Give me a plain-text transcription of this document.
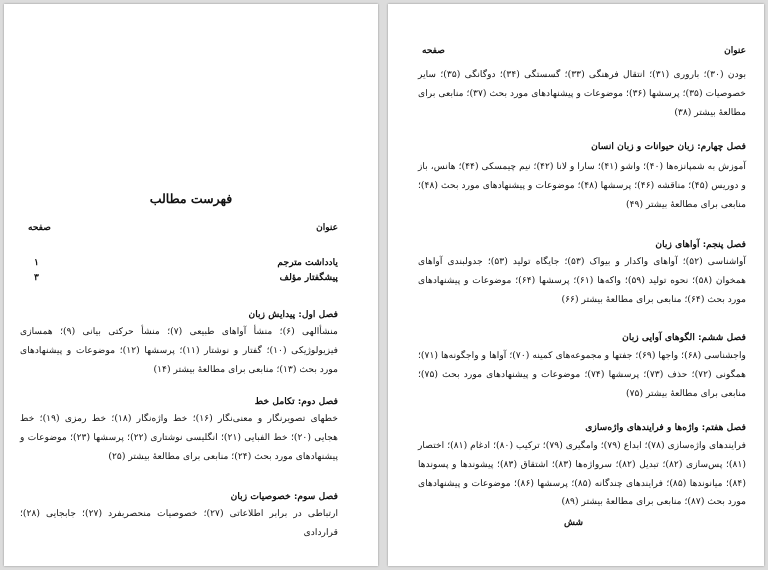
فهرست مطالب
عنوان
صفحه
یادداشت مترجم
۱
پیشگفتار مؤلف
۳
فصل اول: پیدایش زبان

منشأالهی (۶)؛ منشأ آواهای طبیعی (۷)؛ منشأ حرکتی بیانی (۹)؛ همسازی فیزیولوژیکی (۱۰)؛ گفتار و نوشتار (۱۱)؛ پرسشها (۱۲)؛ موضوعات و پیشنهادهای مورد بحث (۱۳)؛ منابعی برای مطالعهٔ بیشتر (۱۴)

فصل دوم: تکامل خط

خطهای تصویرنگار و معنی‌نگار (۱۶)؛ خط واژه‌نگار (۱۸)؛ خط رمزی (۱۹)؛ خط هجایی (۲۰)؛ خط الفبایی (۲۱)؛ انگلیسی نوشتاری (۲۲)؛ پرسشها (۲۳)؛ موضوعات و پیشنهادهای مورد بحث (۲۴)؛ منابعی برای مطالعهٔ بیشتر (۲۵)

فصل سوم: خصوصیات زبان

ارتباطی در برابر اطلاعاتی (۲۷)؛ خصوصیات منحصربفرد (۲۷)؛ جابجایی (۲۸)؛ قراردادی

عنوان
صفحه

بودن (۳۰)؛ باروری (۳۱)؛ انتقال فرهنگی (۳۳)؛ گسستگی (۳۴)؛ دوگانگی (۳۵)؛ سایر خصوصیات (۳۵)؛ پرسشها (۳۶)؛ موضوعات و پیشنهادهای مورد بحث (۳۷)؛ منابعی برای مطالعهٔ بیشتر (۳۸)

فصل چهارم: زبان حیوانات و زبان انسان

آموزش به شمپانزه‌ها (۴۰)؛ واشو (۴۱)؛ سارا و لانا (۴۲)؛ نیم چیمسکی (۴۴)؛ هانس، باز و دوریس (۴۵)؛ مناقشه (۴۶)؛ پرسشها (۴۸)؛ موضوعات و پیشنهادهای مورد بحث (۴۸)؛ منابعی برای مطالعهٔ بیشتر (۴۹)

فصل پنجم: آواهای زبان

آواشناسی (۵۲)؛ آواهای واکدار و بیواک (۵۳)؛ جایگاه تولید (۵۳)؛ جدولبندی آواهای همخوان (۵۸)؛ نحوه تولید (۵۹)؛ واکه‌ها (۶۱)؛ پرسشها (۶۴)؛ موضوعات و پیشنهادهای مورد بحث (۶۴)؛ منابعی برای مطالعهٔ بیشتر (۶۶)

فصل ششم: الگوهای آوایی زبان

واجشناسی (۶۸)؛ واجها (۶۹)؛ جفتها و مجموعه‌های کمینه (۷۰)؛ آواها و واجگونه‌ها (۷۱)؛ همگونی (۷۲)؛ حذف (۷۳)؛ پرسشها (۷۴)؛ موضوعات و پیشنهادهای مورد بحث (۷۵)؛ منابعی برای مطالعهٔ بیشتر (۷۵)

فصل هفتم: واژه‌ها و فرایندهای واژه‌سازی

فرایندهای واژه‌سازی (۷۸)؛ ابداع (۷۹)؛ وامگیری (۷۹)؛ ترکیب (۸۰)؛ ادغام (۸۱)؛ اختصار (۸۱)؛ پس‌سازی (۸۲)؛ تبدیل (۸۲)؛ سرواژه‌ها (۸۳)؛ اشتقاق (۸۳)؛ پیشوندها و پسوندها (۸۴)؛ میانوندها (۸۵)؛ فرایندهای چندگانه (۸۵)؛ پرسشها (۸۶)؛ موضوعات و پیشنهادهای مورد بحث (۸۷)؛ منابعی برای مطالعهٔ بیشتر (۸۹)

شش
